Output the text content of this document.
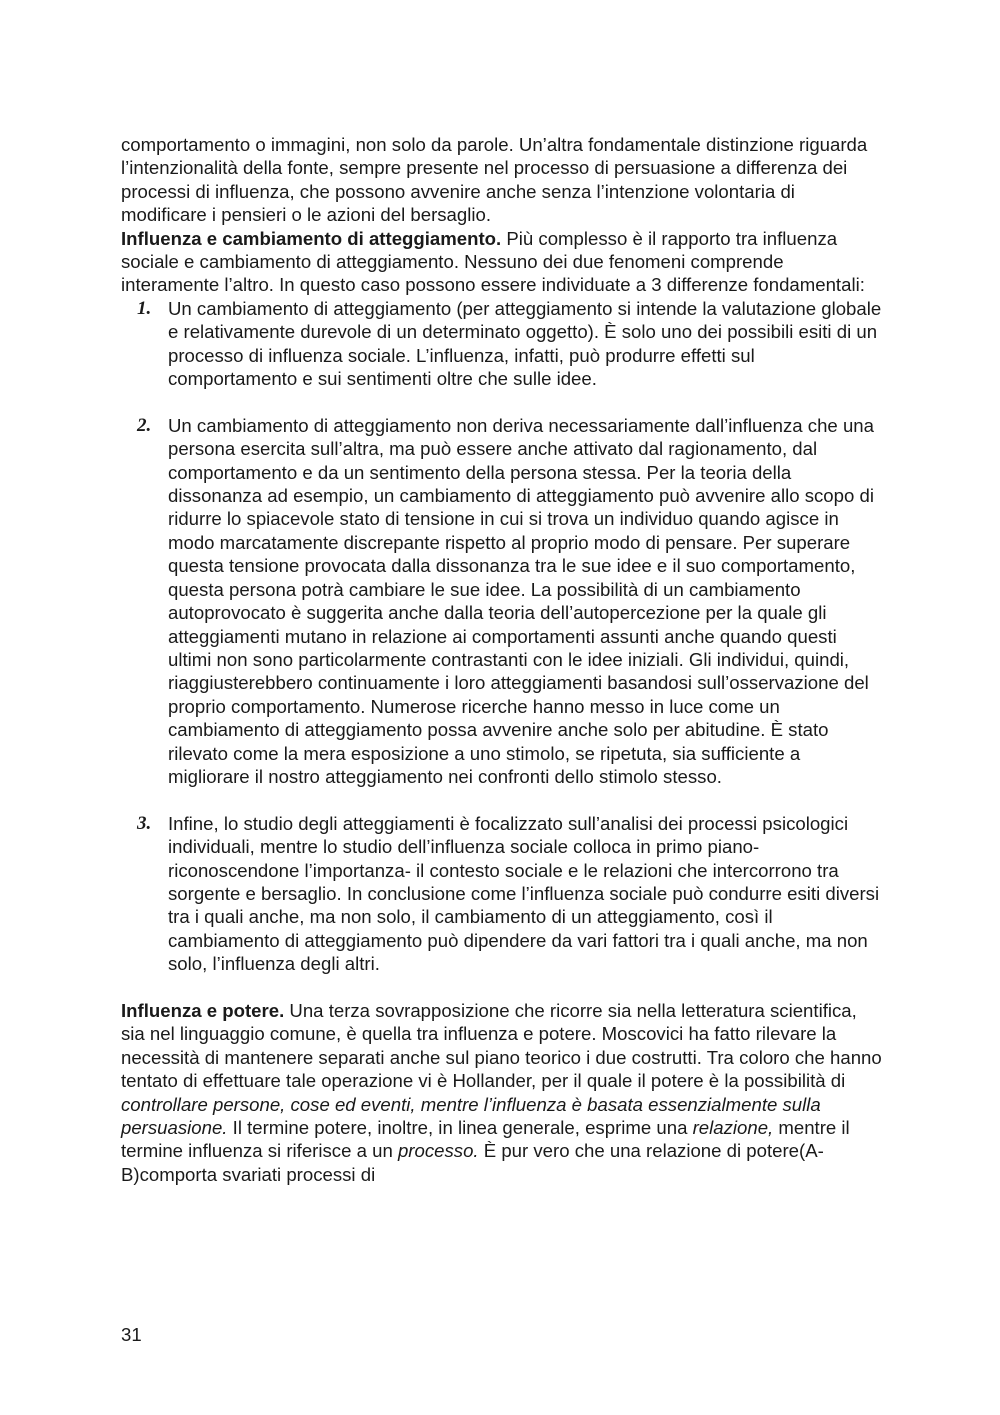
comportamento o immagini, non solo da parole. Un’altra fondamentale distinzione riguarda l’intenzionalità della fonte, sempre presente nel processo di persuasione a differenza dei processi di influenza, che possono avvenire anche senza l’intenzione volontaria di modificare i pensieri o le azioni del bersaglio.

Influenza e cambiamento di atteggiamento. Più complesso è il rapporto tra influenza sociale e cambiamento di atteggiamento. Nessuno dei due fenomeni comprende interamente l’altro. In questo caso possono essere individuate a 3 differenze fondamentali:

1. Un cambiamento di atteggiamento (per atteggiamento si intende la valutazione globale e relativamente durevole di un determinato oggetto). È solo uno dei possibili esiti di un processo di influenza sociale. L’influenza, infatti, può produrre effetti sul comportamento e sui sentimenti oltre che sulle idee.
2. Un cambiamento di atteggiamento non deriva necessariamente dall’influenza che una persona esercita sull’altra, ma può essere anche attivato dal ragionamento, dal comportamento e da un sentimento della persona stessa. Per la teoria della dissonanza ad esempio, un cambiamento di atteggiamento può avvenire allo scopo di ridurre lo spiacevole stato di tensione in cui si trova un individuo quando agisce in modo marcatamente discrepante rispetto al proprio modo di pensare. Per superare questa tensione provocata dalla dissonanza tra le sue idee e il suo comportamento, questa persona potrà cambiare le sue idee. La possibilità di un cambiamento autoprovocato è suggerita anche dalla teoria dell’autopercezione per la quale gli atteggiamenti mutano in relazione ai comportamenti assunti anche quando questi ultimi non sono particolarmente contrastanti con le idee iniziali. Gli individui, quindi, riaggiusterebbero continuamente i loro atteggiamenti basandosi sull’osservazione del proprio comportamento. Numerose ricerche hanno messo in luce come un cambiamento di atteggiamento possa avvenire anche solo per abitudine. È stato rilevato come la mera esposizione a uno stimolo, se ripetuta, sia sufficiente a migliorare il nostro atteggiamento nei confronti dello stimolo stesso.
3. Infine, lo studio degli atteggiamenti è focalizzato sull’analisi dei processi psicologici individuali, mentre lo studio dell’influenza sociale colloca in primo piano- riconoscendone l’importanza- il contesto sociale e le relazioni che intercorrono tra sorgente e bersaglio. In conclusione come l’influenza sociale può condurre esiti diversi tra i quali anche, ma non solo, il cambiamento di un atteggiamento, così il cambiamento di atteggiamento può dipendere da vari fattori tra i quali anche, ma non solo, l’influenza degli altri.

Influenza e potere. Una terza sovrapposizione che ricorre sia nella letteratura scientifica, sia nel linguaggio comune, è quella tra influenza e potere. Moscovici ha fatto rilevare la necessità di mantenere separati anche sul piano teorico i due costrutti. Tra coloro che hanno tentato di effettuare tale operazione vi è Hollander, per il quale il potere è la possibilità di controllare persone, cose ed eventi, mentre l’influenza è basata essenzialmente sulla persuasione. Il termine potere, inoltre, in linea generale, esprime una relazione, mentre il termine influenza si riferisce a un processo. È pur vero che una relazione di potere(A-B)comporta svariati processi di

31
